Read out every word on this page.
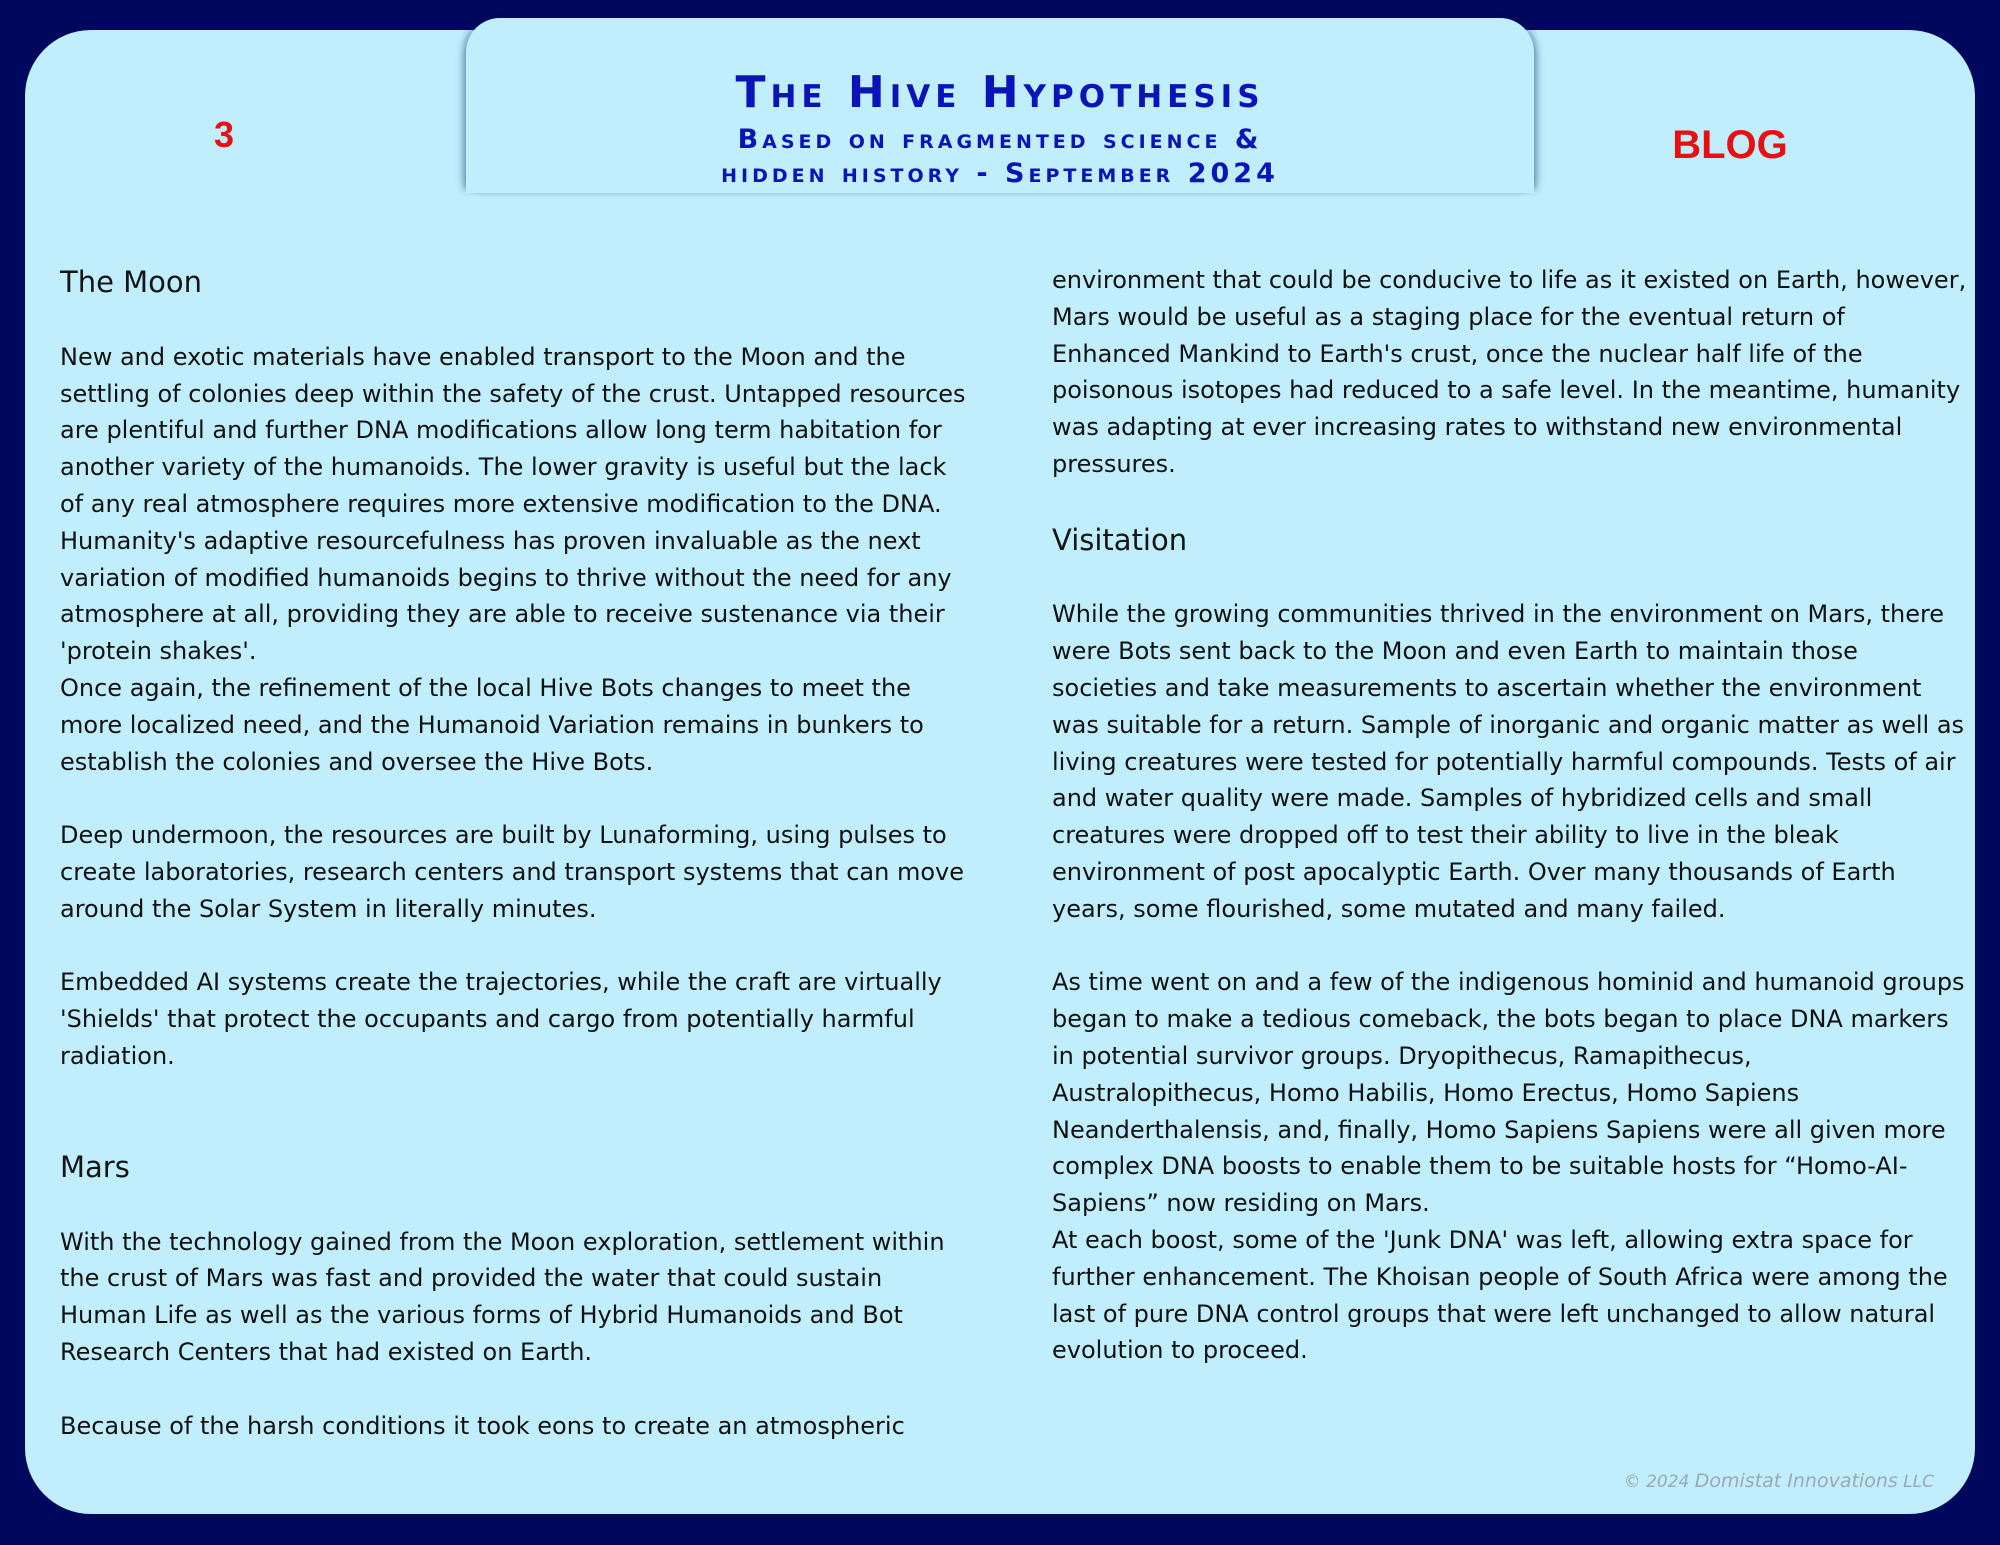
3
The Hive Hypothesis
Based on fragmented science &
hidden history - September 2024
BLOG
The Moon

New and exotic materials have enabled transport to the Moon and the settling of colonies deep within the safety of the crust. Untapped resources are plentiful and further DNA modifications allow long term habitation for another variety of the humanoids. The lower gravity is useful but the lack of any real atmosphere requires more extensive modification to the DNA. Humanity's adaptive resourcefulness has proven invaluable as the next variation of modified humanoids begins to thrive without the need for any atmosphere at all, providing they are able to receive sustenance via their 'protein shakes'.

Once again, the refinement of the local Hive Bots changes to meet the more localized need, and the Humanoid Variation remains in bunkers to establish the colonies and oversee the Hive Bots.

Deep undermoon, the resources are built by Lunaforming, using pulses to create laboratories, research centers and transport systems that can move around the Solar System in literally minutes.

Embedded AI systems create the trajectories, while the craft are virtually 'Shields' that protect the occupants and cargo from potentially harmful radiation.

Mars

With the technology gained from the Moon exploration, settlement within the crust of Mars was fast and provided the water that could sustain Human Life as well as the various forms of Hybrid Humanoids and Bot Research Centers that had existed on Earth.

Because of the harsh conditions it took eons to create an atmospheric

environment that could be conducive to life as it existed on Earth, however, Mars would be useful as a staging place for the eventual return of Enhanced Mankind to Earth's crust, once the nuclear half life of the poisonous isotopes had reduced to a safe level. In the meantime, humanity was adapting at ever increasing rates to withstand new environmental pressures.

Visitation

While the growing communities thrived in the environment on Mars, there were Bots sent back to the Moon and even Earth to maintain those societies and take measurements to ascertain whether the environment was suitable for a return. Sample of inorganic and organic matter as well as living creatures were tested for potentially harmful compounds. Tests of air and water quality were made. Samples of hybridized cells and small creatures were dropped off to test their ability to live in the bleak environment of post apocalyptic Earth. Over many thousands of Earth years, some flourished, some mutated and many failed.

As time went on and a few of the indigenous hominid and humanoid groups began to make a tedious comeback, the bots began to place DNA markers in potential survivor groups. Dryopithecus, Ramapithecus, Australopithecus, Homo Habilis, Homo Erectus, Homo Sapiens Neanderthalensis, and, finally, Homo Sapiens Sapiens were all given more complex DNA boosts to enable them to be suitable hosts for “Homo-AI-Sapiens” now residing on Mars.

At each boost, some of the 'Junk DNA' was left, allowing extra space for further enhancement. The Khoisan people of South Africa were among the last of pure DNA control groups that were left unchanged to allow natural evolution to proceed.

© 2024 Domistat Innovations LLC
